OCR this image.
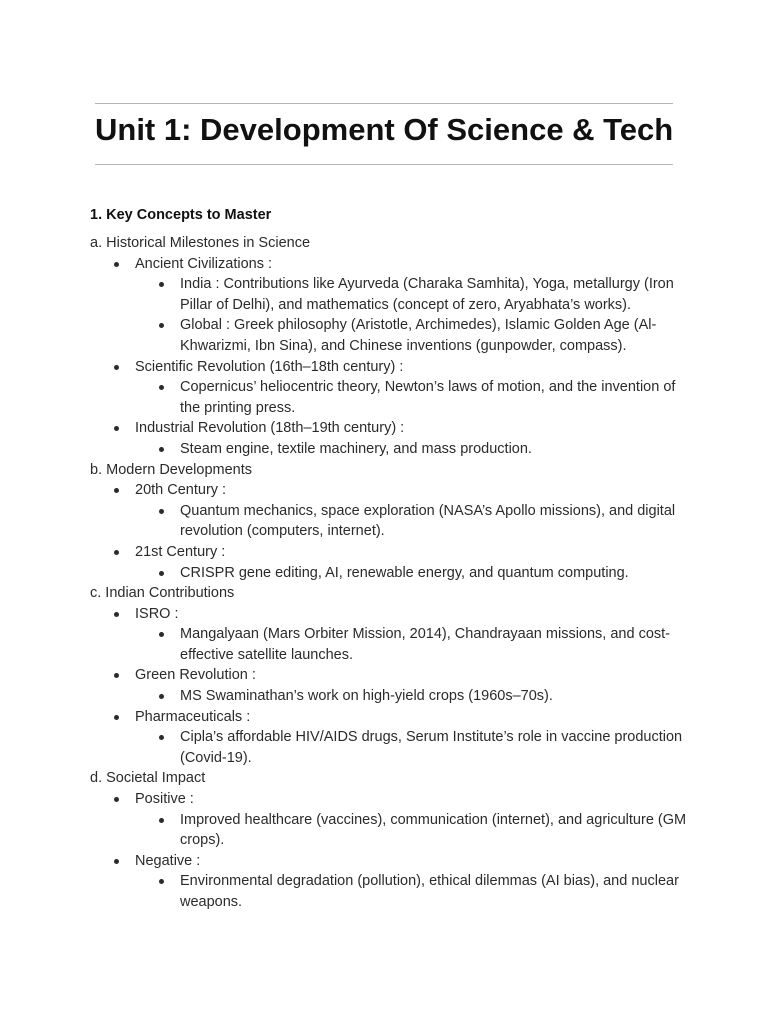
Unit 1: Development Of Science & Tech
1. Key Concepts to Master

a. Historical Milestones in Science

Ancient Civilizations :
India : Contributions like Ayurveda (Charaka Samhita), Yoga, metallurgy (Iron Pillar of Delhi), and mathematics (concept of zero, Aryabhata’s works).
Global : Greek philosophy (Aristotle, Archimedes), Islamic Golden Age (Al-Khwarizmi, Ibn Sina), and Chinese inventions (gunpowder, compass).
Scientific Revolution (16th–18th century) :
Copernicus’ heliocentric theory, Newton’s laws of motion, and the invention of the printing press.
Industrial Revolution (18th–19th century) :
Steam engine, textile machinery, and mass production.

b. Modern Developments

20th Century :
Quantum mechanics, space exploration (NASA’s Apollo missions), and digital revolution (computers, internet).
21st Century :
CRISPR gene editing, AI, renewable energy, and quantum computing.

c. Indian Contributions

ISRO :
Mangalyaan (Mars Orbiter Mission, 2014), Chandrayaan missions, and cost-effective satellite launches.
Green Revolution :
MS Swaminathan’s work on high-yield crops (1960s–70s).
Pharmaceuticals :
Cipla’s affordable HIV/AIDS drugs, Serum Institute’s role in vaccine production (Covid-19).

d. Societal Impact

Positive :
Improved healthcare (vaccines), communication (internet), and agriculture (GM crops).
Negative :
Environmental degradation (pollution), ethical dilemmas (AI bias), and nuclear weapons.
